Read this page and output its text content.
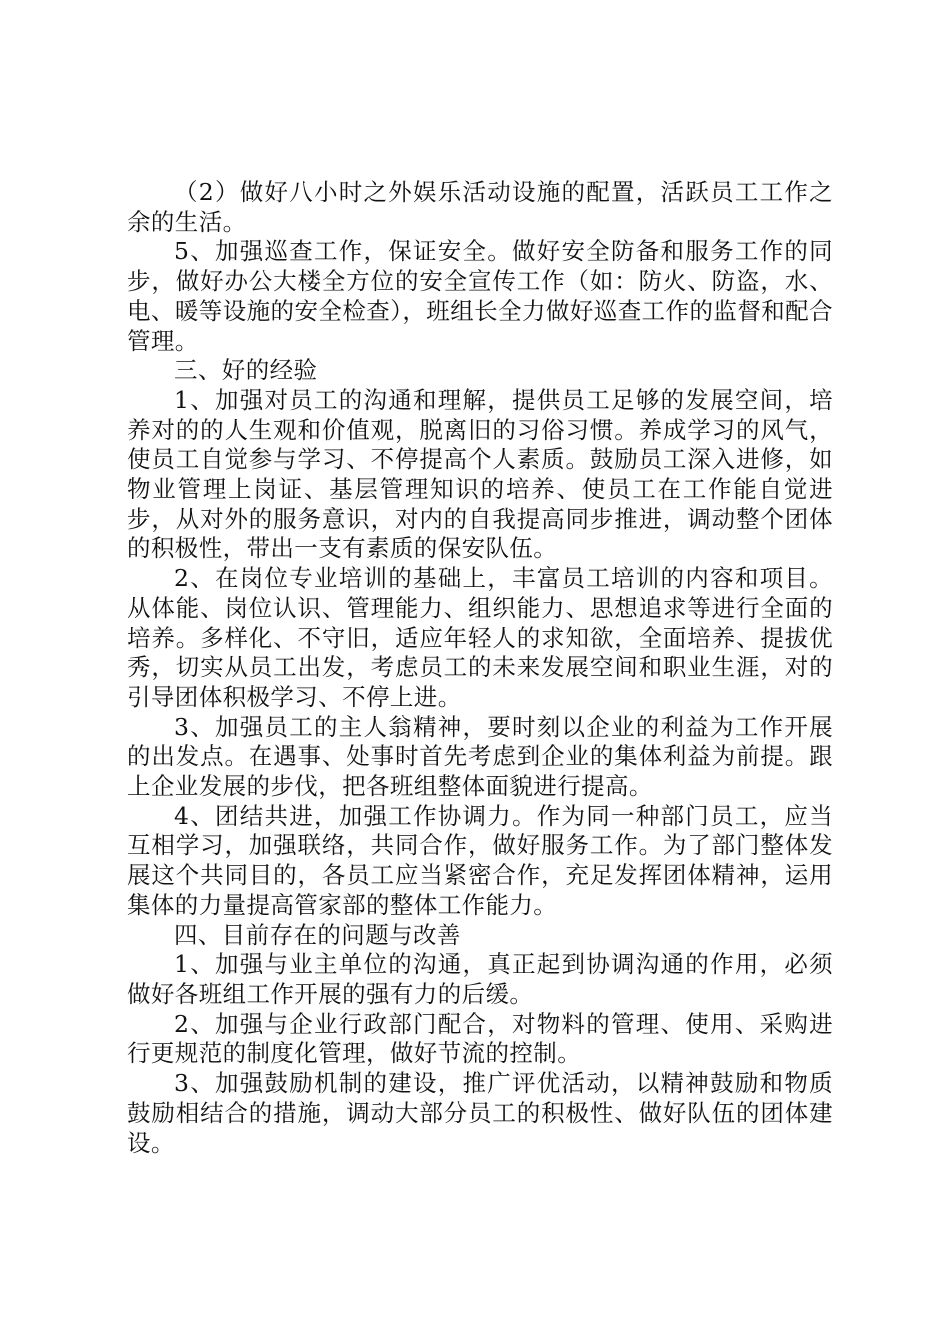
（2）做好八小时之外娱乐活动设施的配置，活跃员工工作之余的生活。

5、加强巡查工作，保证安全。做好安全防备和服务工作的同步，做好办公大楼全方位的安全宣传工作（如：防火、防盗，水、电、暖等设施的安全检查），班组长全力做好巡查工作的监督和配合管理。

三、好的经验

1、加强对员工的沟通和理解，提供员工足够的发展空间，培养对的的人生观和价值观，脱离旧的习俗习惯。养成学习的风气，使员工自觉参与学习、不停提高个人素质。鼓励员工深入进修，如物业管理上岗证、基层管理知识的培养、使员工在工作能自觉进步，从对外的服务意识，对内的自我提高同步推进，调动整个团体的积极性，带出一支有素质的保安队伍。

2、在岗位专业培训的基础上，丰富员工培训的内容和项目。从体能、岗位认识、管理能力、组织能力、思想追求等进行全面的培养。多样化、不守旧，适应年轻人的求知欲，全面培养、提拔优秀，切实从员工出发，考虑员工的未来发展空间和职业生涯，对的引导团体积极学习、不停上进。

3、加强员工的主人翁精神，要时刻以企业的利益为工作开展的出发点。在遇事、处事时首先考虑到企业的集体利益为前提。跟上企业发展的步伐，把各班组整体面貌进行提高。

4、团结共进，加强工作协调力。作为同一种部门员工，应当互相学习，加强联络，共同合作，做好服务工作。为了部门整体发展这个共同目的，各员工应当紧密合作，充足发挥团体精神，运用集体的力量提高管家部的整体工作能力。

四、目前存在的问题与改善

1、加强与业主单位的沟通，真正起到协调沟通的作用，必须做好各班组工作开展的强有力的后缓。

2、加强与企业行政部门配合，对物料的管理、使用、采购进行更规范的制度化管理，做好节流的控制。

3、加强鼓励机制的建设，推广评优活动，以精神鼓励和物质鼓励相结合的措施，调动大部分员工的积极性、做好队伍的团体建设。
